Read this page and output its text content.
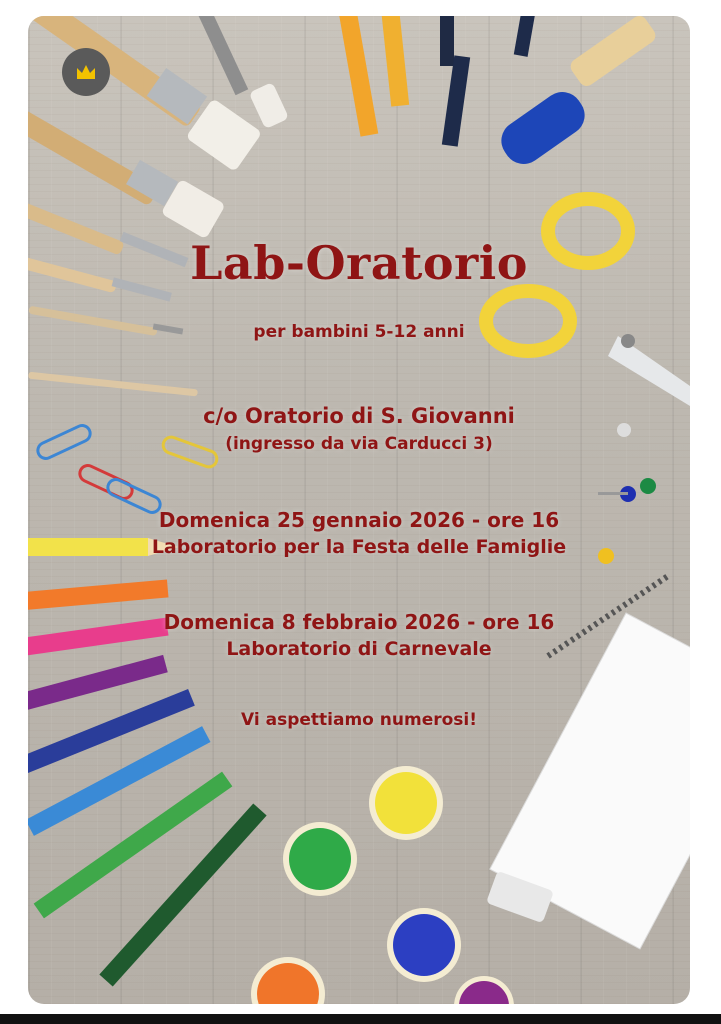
Lab-Oratorio
per bambini 5-12 anni
c/o Oratorio di S. Giovanni
(ingresso da via Carducci 3)
Domenica 25 gennaio 2026 - ore 16
Laboratorio per la Festa delle Famiglie
Domenica 8 febbraio 2026 - ore 16
Laboratorio di Carnevale
Vi aspettiamo numerosi!
